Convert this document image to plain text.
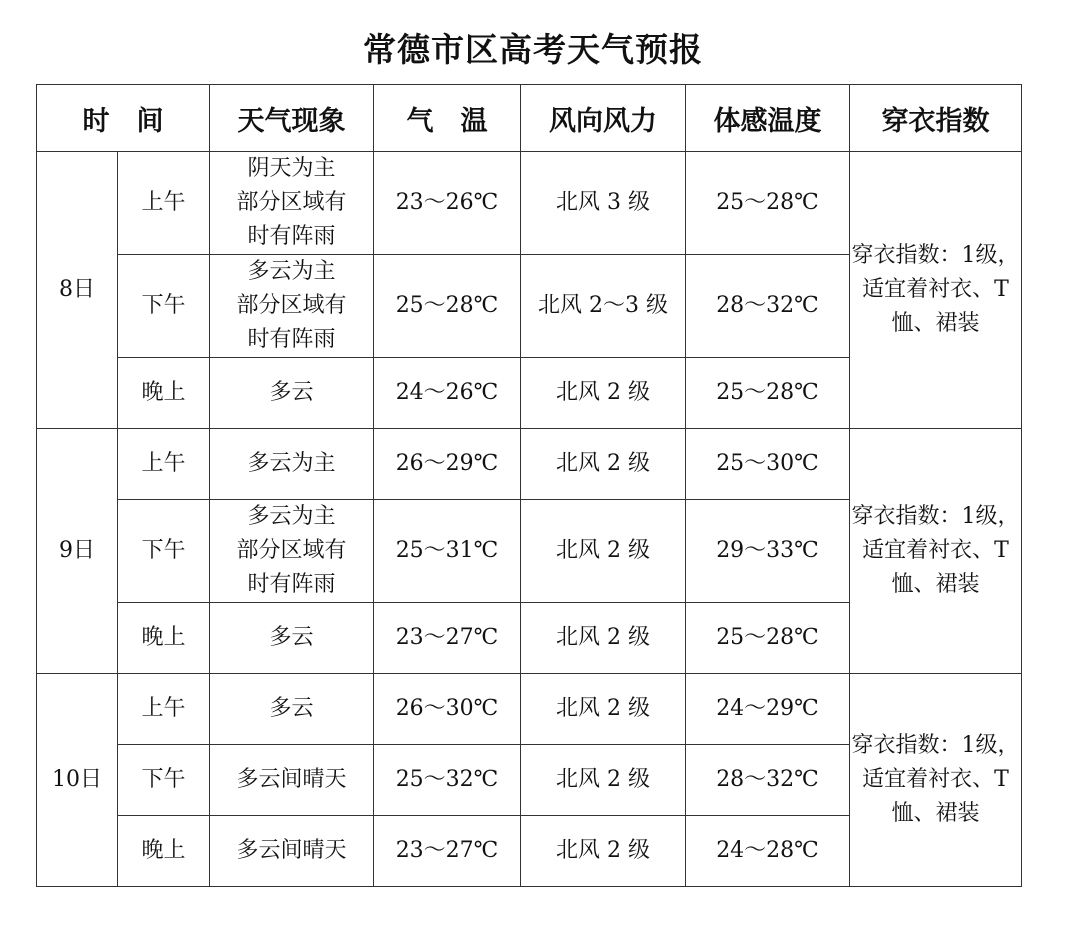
常德市区高考天气预报
时　间		天气现象	气　温	风向风力	体感温度	穿衣指数
8日	上午	阴天为主
部分区域有
时有阵雨	23～26℃	北风 3 级	25～28℃	穿衣指数：1级，适宜着衬衣、T 恤、裙装

	下午	多云为主
部分区域有
时有阵雨	25～28℃	北风 2～3 级	28～32℃	
	晚上	多云	24～26℃	北风 2 级	25～28℃	
9日	上午	多云为主	26～29℃	北风 2 级	25～30℃	穿衣指数：1级，适宜着衬衣、T 恤、裙装

	下午	多云为主
部分区域有
时有阵雨	25～31℃	北风 2 级	29～33℃	
	晚上	多云	23～27℃	北风 2 级	25～28℃	
10日	上午	多云	26～30℃	北风 2 级	24～29℃	穿衣指数：1级，适宜着衬衣、T 恤、裙装

	下午	多云间晴天	25～32℃	北风 2 级	28～32℃	
	晚上	多云间晴天	23～27℃	北风 2 级	24～28℃	
